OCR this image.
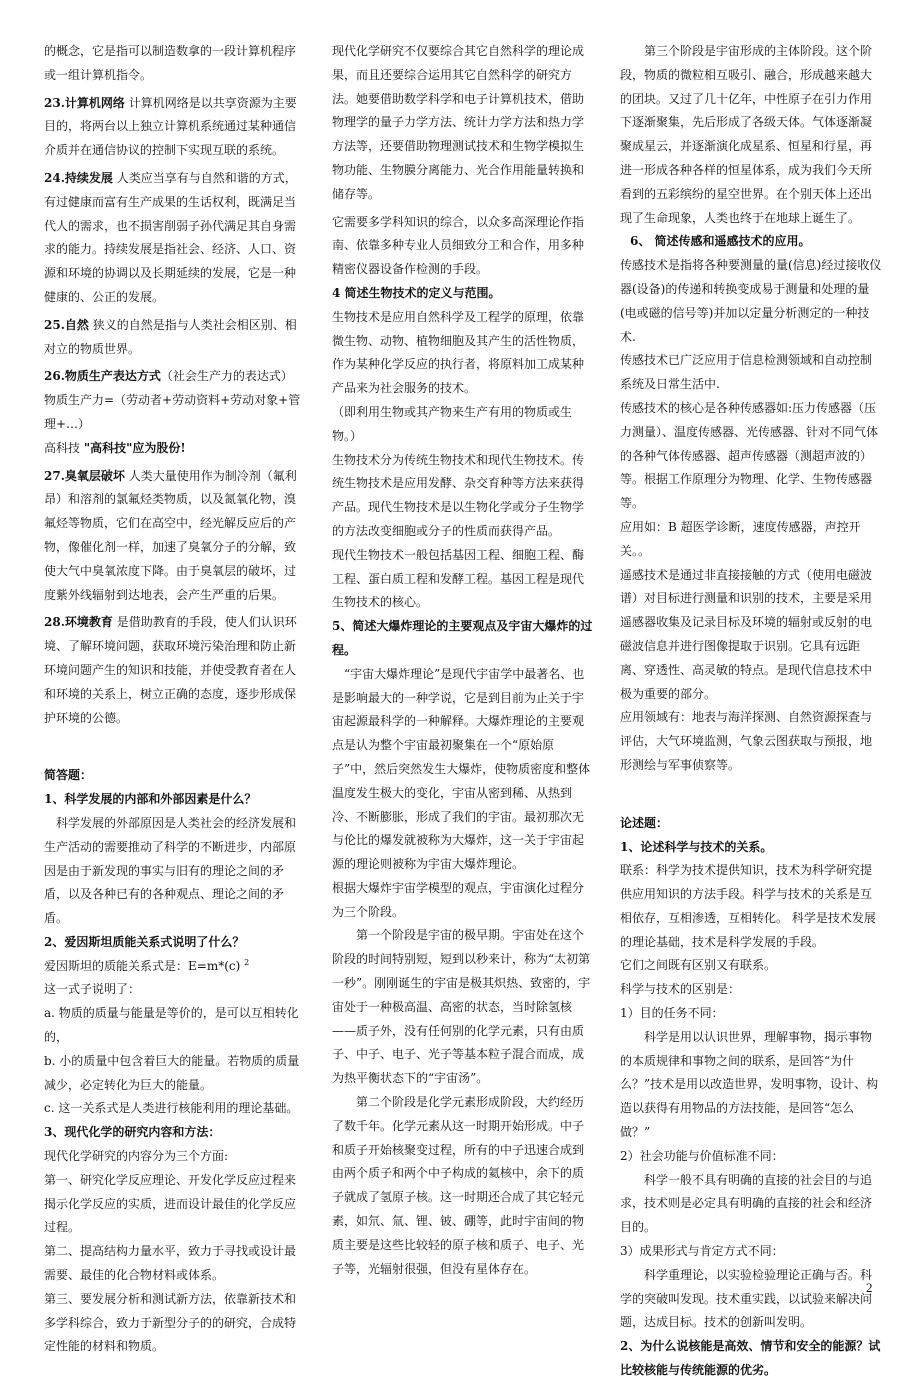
的概念，它是指可以制造数拿的一段计算机程序或一组计算机指令。

23.计算机网络 计算机网络是以共享资源为主要目的，将两台以上独立计算机系统通过某种通信介质并在通信协议的控制下实现互联的系统。

24.持续发展 人类应当享有与自然和谐的方式，有过健康而富有生产成果的生话权利，既满足当代人的需求，也不损害削弱子孙代满足其自身需求的能力。持续发展是指社会、经济、人口、资源和环境的协调以及长期延续的发展，它是一种健康的、公正的发展。

25.自然 狭义的自然是指与人类社会相区别、相对立的物质世界。

26.物质生产表达方式（社会生产力的表达式） 物质生产力=（劳动者+劳动资料+劳动对象+管理+…）

高科技 "高科技"应为股份!

27.臭氧层破坏 人类大量使用作为制冷剂（氟利昂）和溶剂的氯氟烃类物质，以及氮氧化物，溴氟烃等物质，它们在高空中，经光解反应后的产物，像催化剂一样，加速了臭氧分子的分解，致使大气中臭氧浓度下降。由于臭氧层的破坏，过度紫外线辐射到达地表，会产生严重的后果。

28.环境教育 是借助教育的手段，使人们认识环境、了解环境问题，获取环境污染治理和防止新环境问题产生的知识和技能，并使受教育者在人和环境的关系上，树立正确的态度，逐步形成保护环境的公德。

简答题：

1、科学发展的内部和外部因素是什么？

科学发展的外部原因是人类社会的经济发展和生产活动的需要推动了科学的不断进步，内部原因是由于新发现的事实与旧有的理论之间的矛盾，以及各种已有的各种观点、理论之间的矛盾。

2、爱因斯坦质能关系式说明了什么？

爱因斯坦的质能关系式是：E=m*(c) $^2$

这一式子说明了：

a. 物质的质量与能量是等价的，是可以互相转化的，

b. 小的质量中包含着巨大的能量。若物质的质量减少，必定转化为巨大的能量。

c. 这一关系式是人类进行核能利用的理论基础。

3、现代化学的研究内容和方法：

现代化学研究的内容分为三个方面:

第一、研究化学反应理论、开发化学反应过程来揭示化学反应的实质，进而设计最佳的化学反应过程。

第二、提高结构力量水平，致力于寻找或设计最需要、最佳的化合物材料或体系。

第三、要发展分析和测试新方法，依靠新技术和多学科综合，致力于新型分子的的研究，合成特定性能的材料和物质。

现代化学研究不仅要综合其它自然科学的理论成果，而且还要综合运用其它自然科学的研究方法。她要借助数学科学和电子计算机技术，借助物理学的量子力学方法、统计力学方法和热力学方法等，还要借助物理测试技术和生物学模拟生物功能、生物膜分离能力、光合作用能量转换和储存等。

它需要多学科知识的综合，以众多高深理论作指南、依靠多种专业人员细致分工和合作，用多种精密仪器设备作检测的手段。

4 简述生物技术的定义与范围。

生物技术是应用自然科学及工程学的原理，依靠微生物、动物、植物细胞及其产生的活性物质，作为某种化学反应的执行者，将原料加工成某种产品来为社会服务的技术。

（即利用生物或其产物来生产有用的物质或生物。）

生物技术分为传统生物技术和现代生物技术。传统生物技术是应用发酵、杂交育种等方法来获得产品。现代生物技术是以生物化学或分子生物学的方法改变细胞或分子的性质而获得产品。

现代生物技术一般包括基因工程、细胞工程、酶工程、蛋白质工程和发酵工程。基因工程是现代生物技术的核心。

5、简述大爆炸理论的主要观点及宇宙大爆炸的过程。

“宇宙大爆炸理论”是现代宇宙学中最著名、也是影响最大的一种学说，它是到目前为止关于宇宙起源最科学的一种解释。大爆炸理论的主要观点是认为整个宇宙最初聚集在一个“原始原子”中，然后突然发生大爆炸，使物质密度和整体温度发生极大的变化，宇宙从密到稀、从热到冷、不断膨胀，形成了我们的宇宙。最初那次无与伦比的爆发就被称为大爆炸，这一关于宇宙起源的理论则被称为宇宙大爆炸理论。

根据大爆炸宇宙学模型的观点，宇宙演化过程分为三个阶段。

第一个阶段是宇宙的极早期。宇宙处在这个阶段的时间特别短，短到以秒来计，称为“太初第一秒”。刚刚诞生的宇宙是极其炽热、致密的，宇宙处于一种极高温、高密的状态，当时除氢核——质子外，没有任何别的化学元素，只有由质子、中子、电子、光子等基本粒子混合而成，成为热平衡状态下的“宇宙汤”。

第二个阶段是化学元素形成阶段，大约经历了数千年。化学元素从这一时期开始形成。中子和质子开始核聚变过程，所有的中子迅速合成到由两个质子和两个中子构成的氦核中，余下的质子就成了氢原子核。这一时期还合成了其它轻元素，如氘、氚、锂、铍、硼等，此时宇宙间的物质主要是这些比较轻的原子核和质子、电子、光子等，光辐射很强，但没有星体存在。

第三个阶段是宇宙形成的主体阶段。这个阶段，物质的微粒相互吸引、融合，形成越来越大的团块。又过了几十亿年，中性原子在引力作用下逐渐聚集，先后形成了各级天体。气体逐渐凝聚成星云，并逐渐演化成星系、恒星和行星，再进一形成各种各样的恒星体系，成为我们今天所看到的五彩缤纷的星空世界。在个别天体上还出现了生命现象，人类也终于在地球上诞生了。

6、 简述传感和遥感技术的应用。

传感技术是指将各种要测量的量(信息)经过接收仪器(设备)的传递和转换变成易于测量和处理的量(电或磁的信号等)并加以定量分析测定的一种技术.

传感技术已广泛应用于信息检测领域和自动控制系统及日常生活中.

传感技术的核心是各种传感器如:压力传感器（压力测量）、温度传感器、光传感器、针对不同气体的各种气体传感器、超声传感器（测超声波的）等。根据工作原理分为物理、化学、生物传感器等。

应用如：B 超医学诊断，速度传感器，声控开关。。

遥感技术是通过非直接接触的方式（使用电磁波谱）对目标进行测量和识别的技术，主要是采用遥感器收集及记录目标及环境的辐射或反射的电磁波信息并进行图像提取于识别。它具有远距离、穿透性、高灵敏的特点。是现代信息技术中极为重要的部分。

应用领域有：地表与海洋探测、自然资源探查与评估，大气环境监测，气象云图获取与预报，地形测绘与军事侦察等。

论述题：

1、论述科学与技术的关系。

联系：科学为技术提供知识，技术为科学研究提供应用知识的方法手段。科学与技术的关系是互相依存，互相渗透，互相转化。 科学是技术发展的理论基础，技术是科学发展的手段。

它们之间既有区别又有联系。

科学与技术的区别是：

1）目的任务不同：

科学是用以认识世界，理解事物，揭示事物的本质规律和事物之间的联系，是回答“为什么？”技术是用以改造世界，发明事物，设计、构造以获得有用物品的方法技能，是回答“怎么做？”

2）社会功能与价值标准不同：

科学一般不具有明确的直接的社会目的与追求，技术则是必定具有明确的直接的社会和经济目的。

3）成果形式与肯定方式不同：

科学重理论，以实验检验理论正确与否。科学的突破叫发现。技术重实践，以试验来解决问题，达成目标。技术的创新叫发明。

2、为什么说核能是高效、情节和安全的能源？试比较核能与传统能源的优劣。

2
